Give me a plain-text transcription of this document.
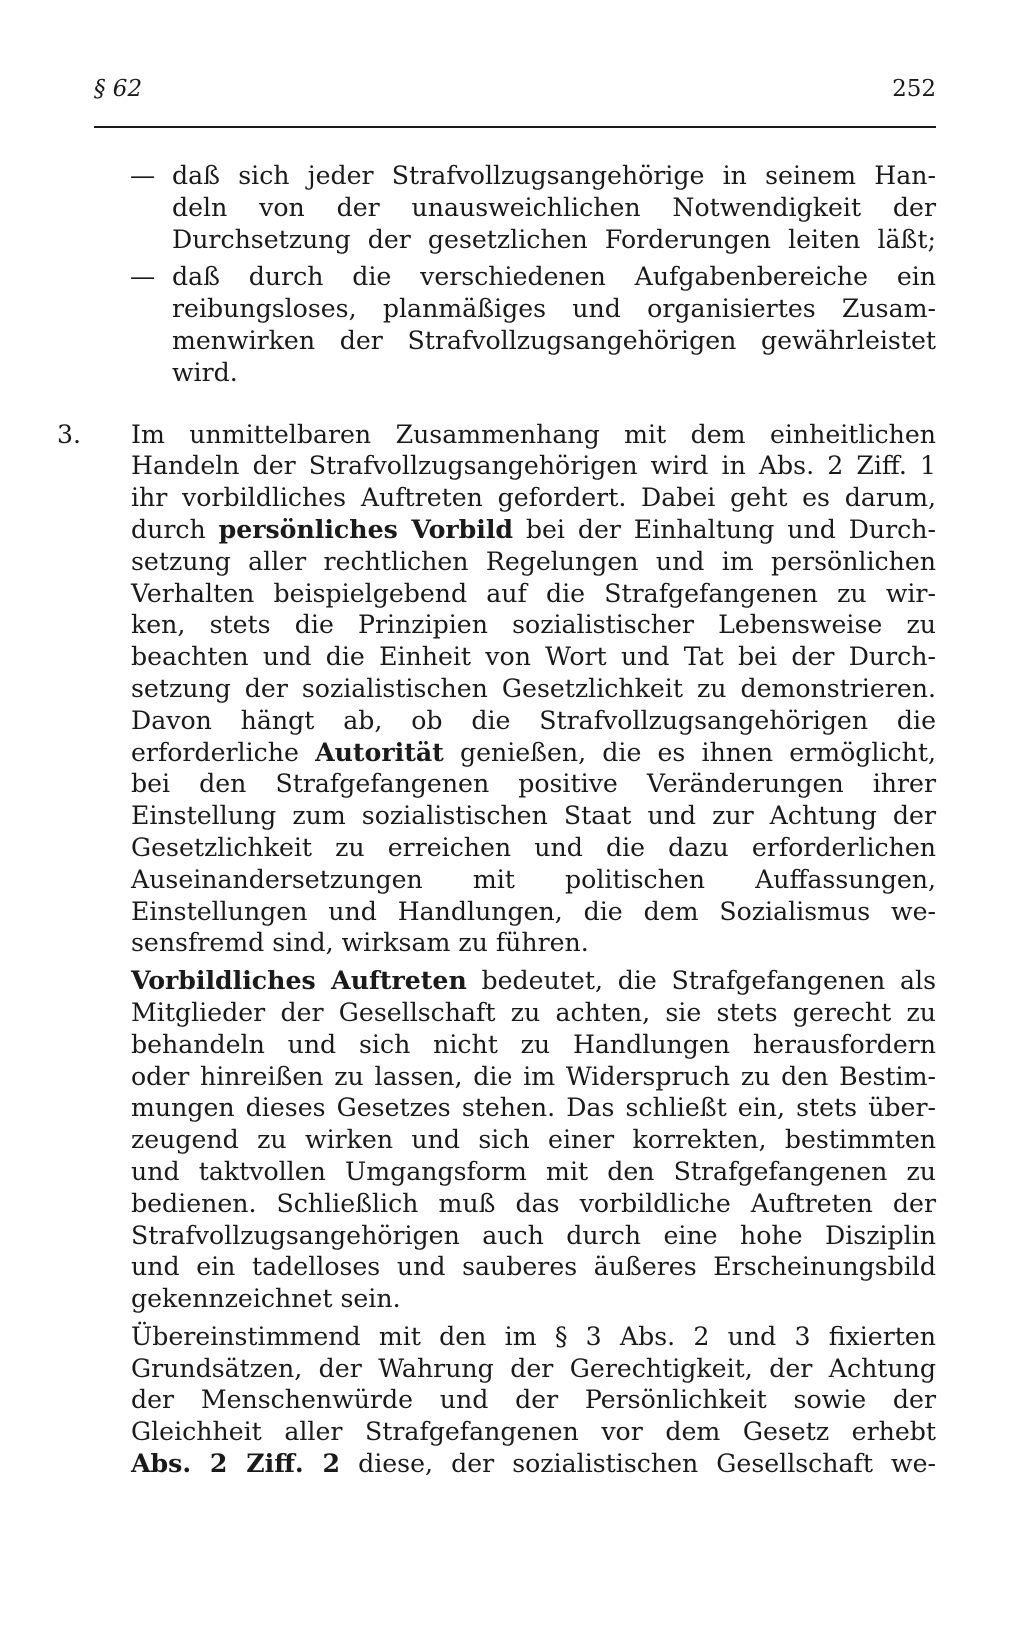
§ 62	252
— daß sich jeder Strafvollzugsangehörige in seinem Han-
deln von der unausweichlichen Notwendigkeit der
Durchsetzung der gesetzlichen Forderungen leiten läßt;
— daß durch die verschiedenen Aufgabenbereiche ein
reibungsloses, planmäßiges und organisiertes Zusam-
menwirken der Strafvollzugsangehörigen gewährleistet
wird.
3. Im unmittelbaren Zusammenhang mit dem einheitlichen
Handeln der Strafvollzugsangehörigen wird in Abs. 2 Ziff. 1
ihr vorbildliches Auftreten gefordert. Dabei geht es darum,
durch persönliches Vorbild bei der Einhaltung und Durch-
setzung aller rechtlichen Regelungen und im persönlichen
Verhalten beispielgebend auf die Strafgefangenen zu wir-
ken, stets die Prinzipien sozialistischer Lebensweise zu
beachten und die Einheit von Wort und Tat bei der Durch-
setzung der sozialistischen Gesetzlichkeit zu demonstrieren.
Davon hängt ab, ob die Strafvollzugsangehörigen die
erforderliche Autorität genießen, die es ihnen ermöglicht,
bei den Strafgefangenen positive Veränderungen ihrer
Einstellung zum sozialistischen Staat und zur Achtung der
Gesetzlichkeit zu erreichen und die dazu erforderlichen
Auseinandersetzungen mit politischen Auffassungen,
Einstellungen und Handlungen, die dem Sozialismus we-
sensfremd sind, wirksam zu führen.
Vorbildliches Auftreten bedeutet, die Strafgefangenen als
Mitglieder der Gesellschaft zu achten, sie stets gerecht zu
behandeln und sich nicht zu Handlungen herausfordern
oder hinreißen zu lassen, die im Widerspruch zu den Bestim-
mungen dieses Gesetzes stehen. Das schließt ein, stets über-
zeugend zu wirken und sich einer korrekten, bestimmten
und taktvollen Umgangsform mit den Strafgefangenen zu
bedienen. Schließlich muß das vorbildliche Auftreten der
Strafvollzugsangehörigen auch durch eine hohe Disziplin
und ein tadelloses und sauberes äußeres Erscheinungsbild
gekennzeichnet sein.
Übereinstimmend mit den im § 3 Abs. 2 und 3 fixierten
Grundsätzen, der Wahrung der Gerechtigkeit, der Achtung
der Menschenwürde und der Persönlichkeit sowie der
Gleichheit aller Strafgefangenen vor dem Gesetz erhebt
Abs. 2 Ziff. 2 diese, der sozialistischen Gesellschaft we-
